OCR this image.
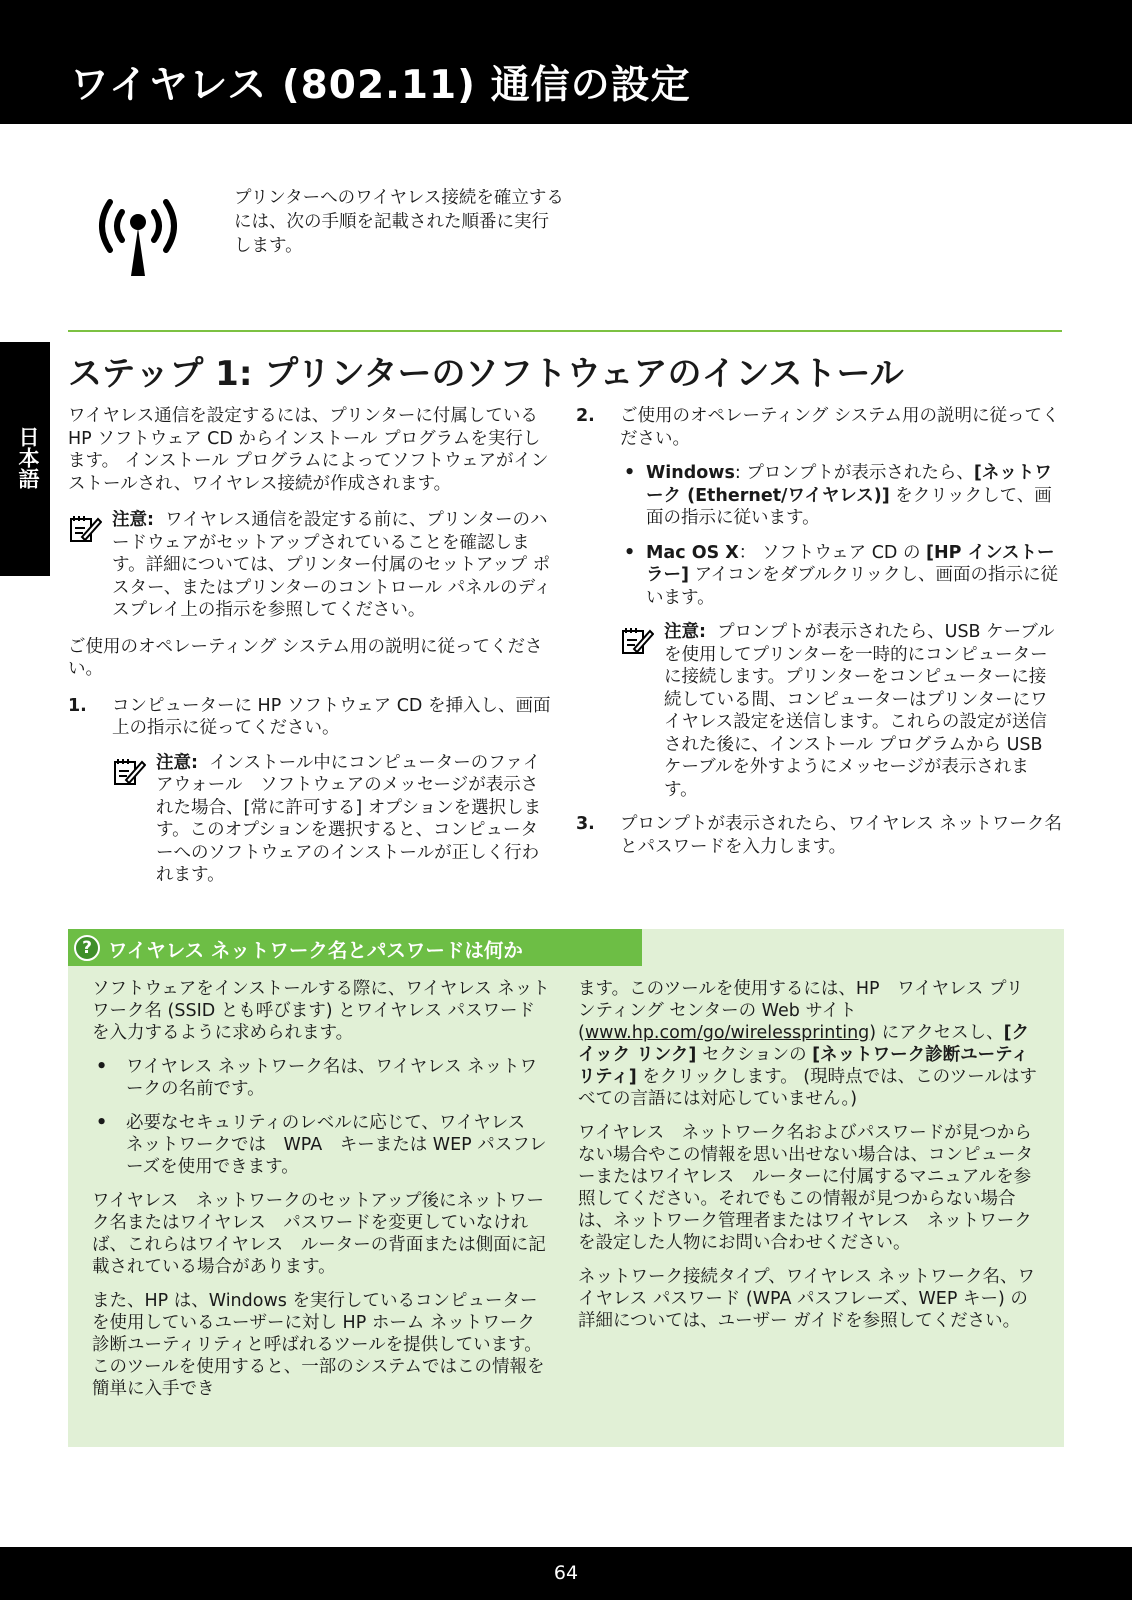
ワイヤレス (802.11) 通信の設定
日本語
プリンターへのワイヤレス接続を確立するには、次の手順を記載された順番に実行します。
ステップ 1: プリンターのソフトウェアのインストール

ワイヤレス通信を設定するには、プリンターに付属している HP ソフトウェア CD からインストール プログラムを実行します。 インストール プログラムによってソフトウェアがインストールされ、ワイヤレス接続が作成されます。

注意: ワイヤレス通信を設定する前に、プリンターのハードウェアがセットアップされていることを確認します。詳細については、プリンター付属のセットアップ ポスター、またはプリンターのコントロール パネルのディスプレイ上の指示を参照してください。

ご使用のオペレーティング システム用の説明に従ってください。

1. コンピューターに HP ソフトウェア CD を挿入し、画面上の指示に従ってください。

注意: インストール中にコンピューターのファイアウォール　ソフトウェアのメッセージが表示された場合、[常に許可する] オプションを選択します。このオプションを選択すると、コンピューターへのソフトウェアのインストールが正しく行われます。

2. ご使用のオペレーティング システム用の説明に従ってください。

• Windows: プロンプトが表示されたら、[ネットワーク (Ethernet/ワイヤレス)] をクリックして、画面の指示に従います。

• Mac OS X： ソフトウェア CD の [HP インストーラー] アイコンをダブルクリックし、画面の指示に従います。

注意: プロンプトが表示されたら、USB ケーブルを使用してプリンターを一時的にコンピューターに接続します。プリンターをコンピューターに接続している間、コンピューターはプリンターにワイヤレス設定を送信します。これらの設定が送信された後に、インストール プログラムから USB ケーブルを外すようにメッセージが表示されます。

3. プロンプトが表示されたら、ワイヤレス ネットワーク名とパスワードを入力します。

? ワイヤレス ネットワーク名とパスワードは何か

ソフトウェアをインストールする際に、ワイヤレス ネットワーク名 (SSID とも呼びます) とワイヤレス パスワードを入力するように求められます。

• ワイヤレス ネットワーク名は、ワイヤレス ネットワークの名前です。

• 必要なセキュリティのレベルに応じて、ワイヤレス　ネットワークでは　WPA　キーまたは WEP パスフレーズを使用できます。

ワイヤレス　ネットワークのセットアップ後にネットワーク名またはワイヤレス　パスワードを変更していなければ、これらはワイヤレス　ルーターの背面または側面に記載されている場合があります。

また、HP は、Windows を実行しているコンピューターを使用しているユーザーに対し HP ホーム ネットワーク診断ユーティリティと呼ばれるツールを提供しています。このツールを使用すると、一部のシステムではこの情報を簡単に入手でき

ます。このツールを使用するには、HP　ワイヤレス プリンティング センターの Web サイト(www.hp.com/go/wirelessprinting) にアクセスし、[クイック リンク] セクションの [ネットワーク診断ユーティリティ] をクリックします。 (現時点では、このツールはすべての言語には対応していません。)

ワイヤレス　ネットワーク名およびパスワードが見つからない場合やこの情報を思い出せない場合は、コンピューターまたはワイヤレス　ルーターに付属するマニュアルを参照してください。それでもこの情報が見つからない場合は、ネットワーク管理者またはワイヤレス　ネットワークを設定した人物にお問い合わせください。

ネットワーク接続タイプ、ワイヤレス ネットワーク名、ワイヤレス パスワード (WPA パスフレーズ、WEP キー) の詳細については、ユーザー ガイドを参照してください。

64
